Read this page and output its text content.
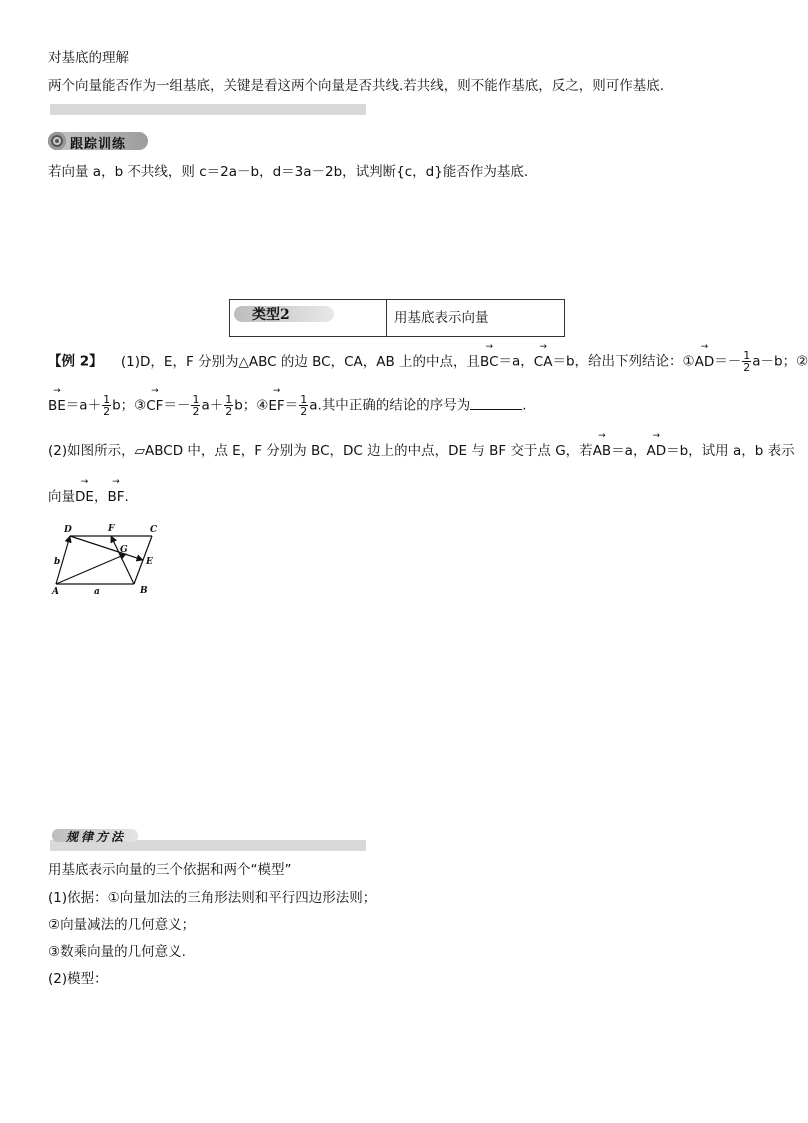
对基底的理解
两个向量能否作为一组基底，关键是看这两个向量是否共线.若共线，则不能作基底，反之，则可作基底.
跟踪训练
若向量 a，b 不共线，则 c＝2a－b，d＝3a－2b，试判断{c，d}能否作为基底.
类型2	用基底表示向量
【例 2】 (1)D，E，F 分别为△ABC 的边 BC，CA，AB 上的中点，且→ BC＝a，→ CA＝b，给出下列结论：①→ $AD=- \frac{1}{2} a-b$；②
→ $BE=a+ \frac{1}{2}$ b；③→ $CF=- \frac{1}{2} a+ \frac{1}{2}$ b；④→ $EF= \frac{1}{2} a$.其中正确的结论的序号为	.
(2)如图所示，▱ABCD 中，点 E，F 分别为 BC，DC 边上的中点，DE 与 BF 交于点 G，若→ AB＝a，→ AD＝b，试用 a，b 表示
向量→ DE，→ BF.
D	F	C
G
E
b
A	a	B
规律方法
用基底表示向量的三个依据和两个“模型”
(1)依据：①向量加法的三角形法则和平行四边形法则；
②向量减法的几何意义；
③数乘向量的几何意义.
(2)模型：
